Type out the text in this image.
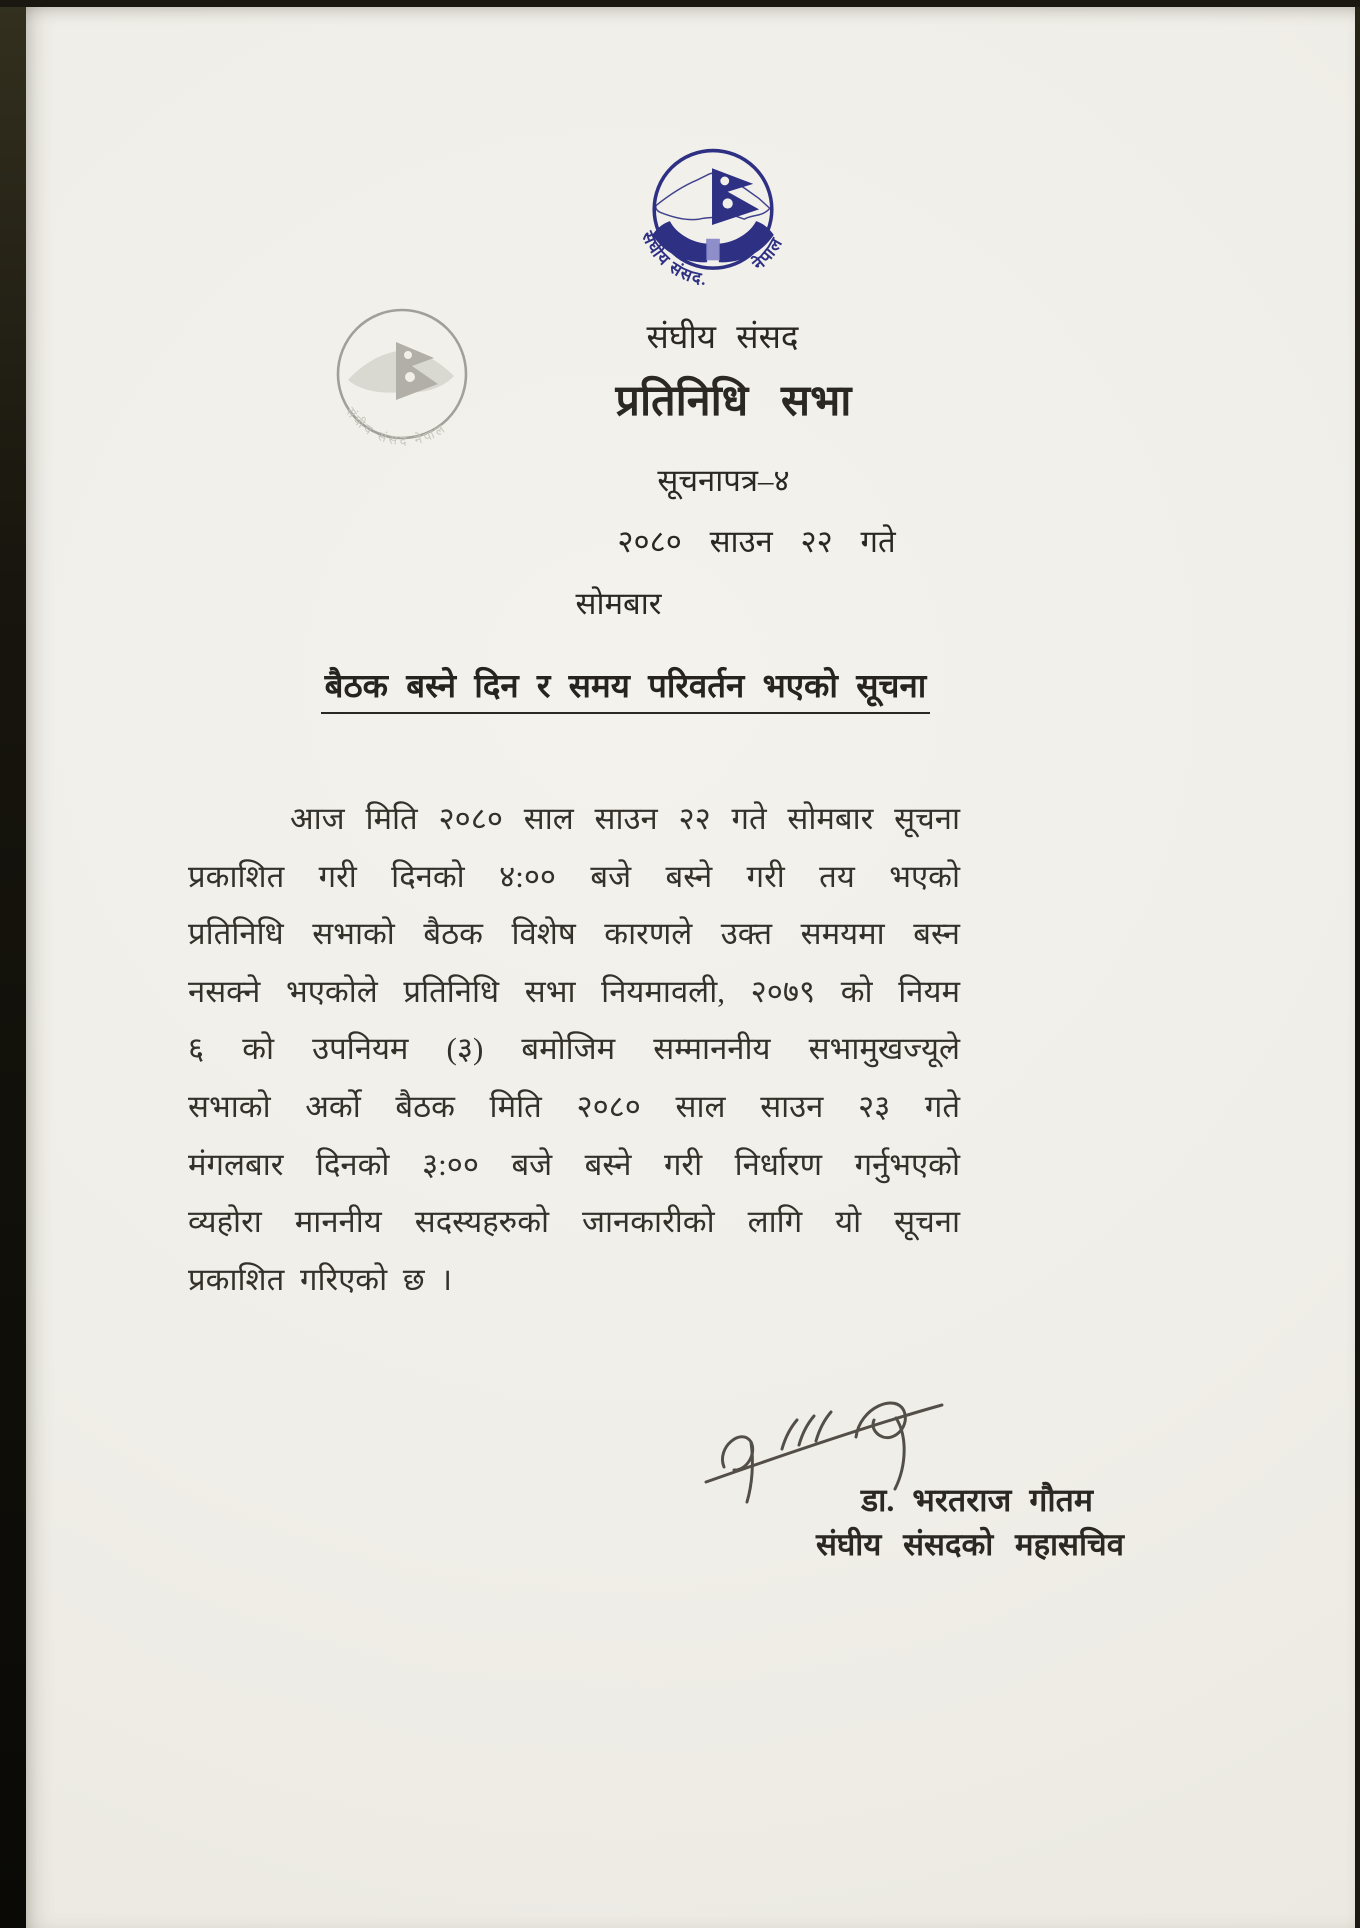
संघीय संसद नेपाल
संघीय संसद.
नेपाल
संघीय संसद
प्रतिनिधि सभा
सूचनापत्र–४
२०८० साउन २२ गते
सोमबार
बैठक बस्ने दिन र समय परिवर्तन भएको सूचना
आज मिति २०८० साल साउन २२ गते सोमबार सूचना
प्रकाशित गरी दिनको ४:०० बजे बस्ने गरी तय भएको
प्रतिनिधि सभाको बैठक विशेष कारणले उक्त समयमा बस्न
नसक्ने भएकोले प्रतिनिधि सभा नियमावली, २०७९ को नियम
६ को उपनियम (३) बमोजिम सम्माननीय सभामुखज्यूले
सभाको अर्को बैठक मिति २०८० साल साउन २३ गते
मंगलबार दिनको ३:०० बजे बस्ने गरी निर्धारण गर्नुभएको
व्यहोरा माननीय सदस्यहरुको जानकारीको लागि यो सूचना
प्रकाशित गरिएको छ ।
डा. भरतराज गौतम
संघीय संसदको महासचिव
